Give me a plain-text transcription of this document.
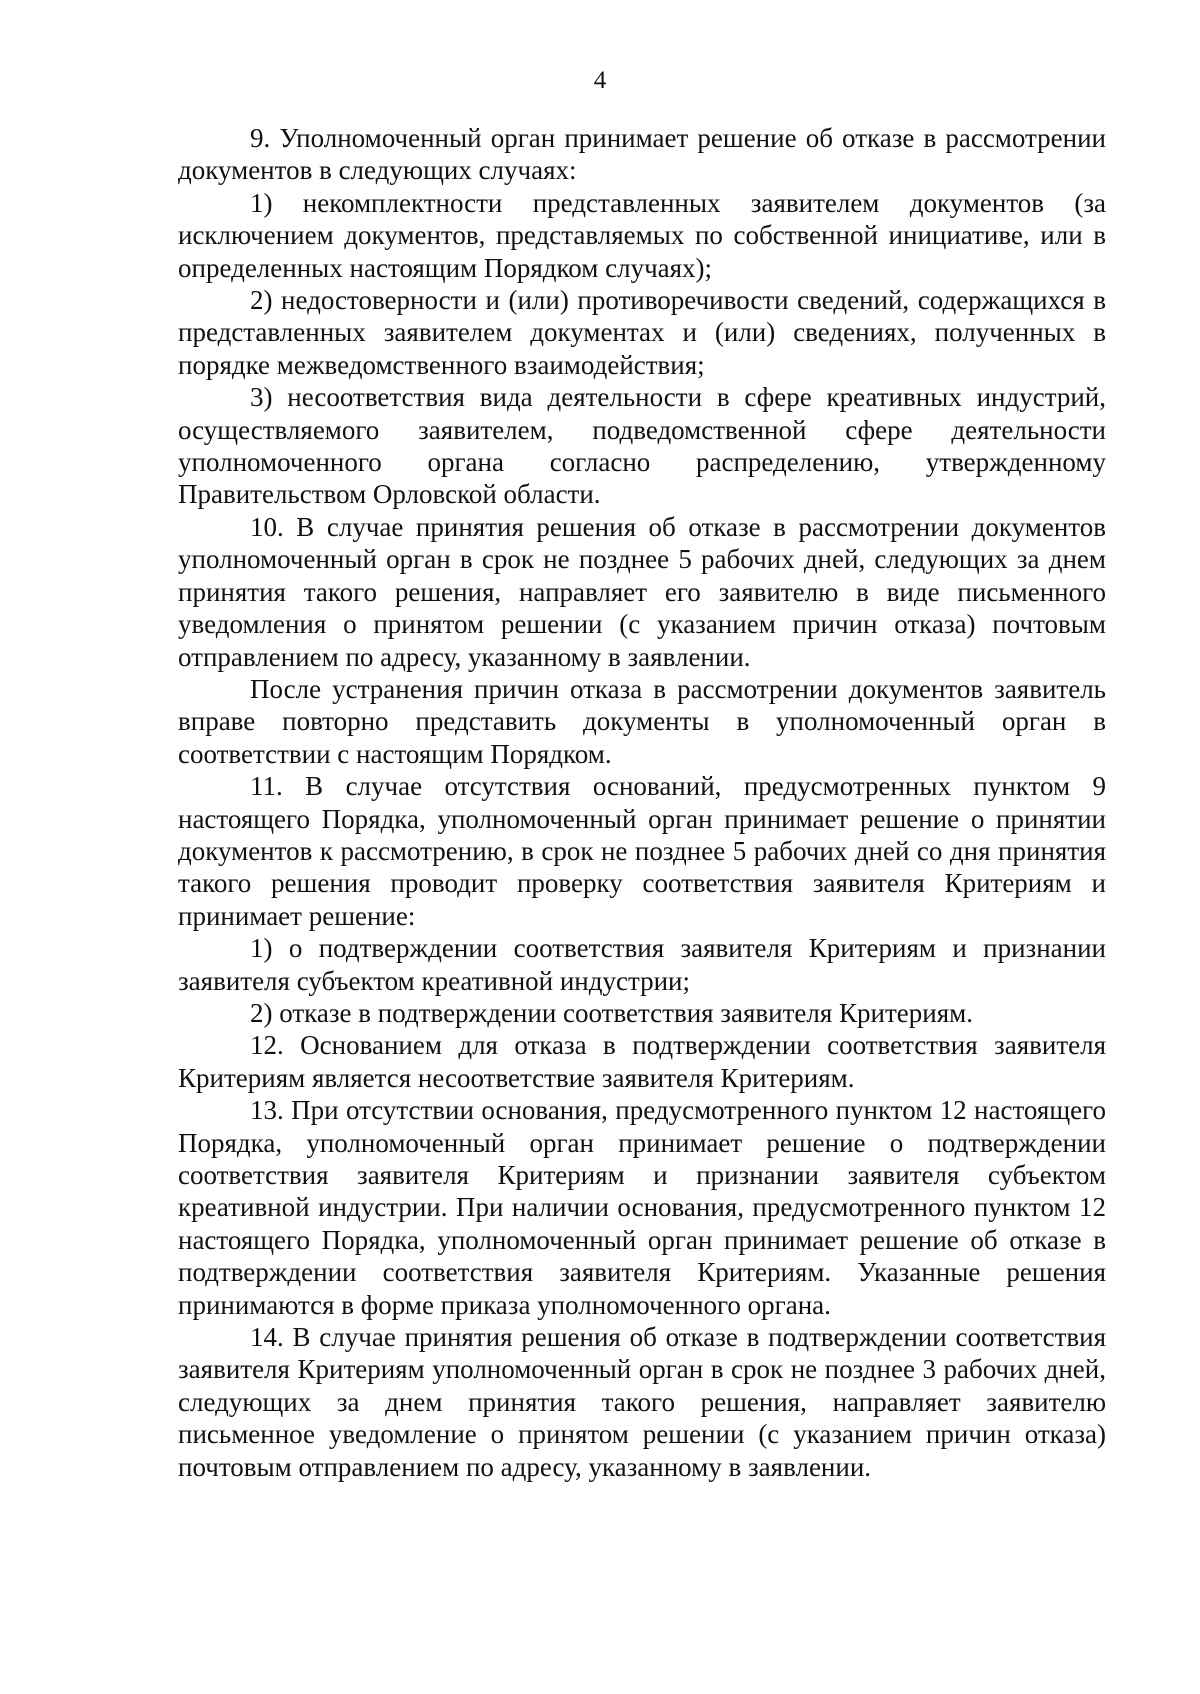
4

9. Уполномоченный орган принимает решение об отказе в рассмотрении документов в следующих случаях:

1) некомплектности представленных заявителем документов (за исключением документов, представляемых по собственной инициативе, или в определенных настоящим Порядком случаях);

2) недостоверности и (или) противоречивости сведений, содержащихся в представленных заявителем документах и (или) сведениях, полученных в порядке межведомственного взаимодействия;

3) несоответствия вида деятельности в сфере креативных индустрий, осуществляемого заявителем, подведомственной сфере деятельности уполномоченного органа согласно распределению, утвержденному Правительством Орловской области.

10. В случае принятия решения об отказе в рассмотрении документов уполномоченный орган в срок не позднее 5 рабочих дней, следующих за днем принятия такого решения, направляет его заявителю в виде письменного уведомления о принятом решении (с указанием причин отказа) почтовым отправлением по адресу, указанному в заявлении.

После устранения причин отказа в рассмотрении документов заявитель вправе повторно представить документы в уполномоченный орган в соответствии с настоящим Порядком.

11. В случае отсутствия оснований, предусмотренных пунктом 9 настоящего Порядка, уполномоченный орган принимает решение о принятии документов к рассмотрению, в срок не позднее 5 рабочих дней со дня принятия такого решения проводит проверку соответствия заявителя Критериям и принимает решение:

1) о подтверждении соответствия заявителя Критериям и признании заявителя субъектом креативной индустрии;

2) отказе в подтверждении соответствия заявителя Критериям.

12. Основанием для отказа в подтверждении соответствия заявителя Критериям является несоответствие заявителя Критериям.

13. При отсутствии основания, предусмотренного пунктом 12 настоящего Порядка, уполномоченный орган принимает решение о подтверждении соответствия заявителя Критериям и признании заявителя субъектом креативной индустрии. При наличии основания, предусмотренного пунктом 12 настоящего Порядка, уполномоченный орган принимает решение об отказе в подтверждении соответствия заявителя Критериям. Указанные решения принимаются в форме приказа уполномоченного органа.

14. В случае принятия решения об отказе в подтверждении соответствия заявителя Критериям уполномоченный орган в срок не позднее 3 рабочих дней, следующих за днем принятия такого решения, направляет заявителю письменное уведомление о принятом решении (с указанием причин отказа) почтовым отправлением по адресу, указанному в заявлении.
